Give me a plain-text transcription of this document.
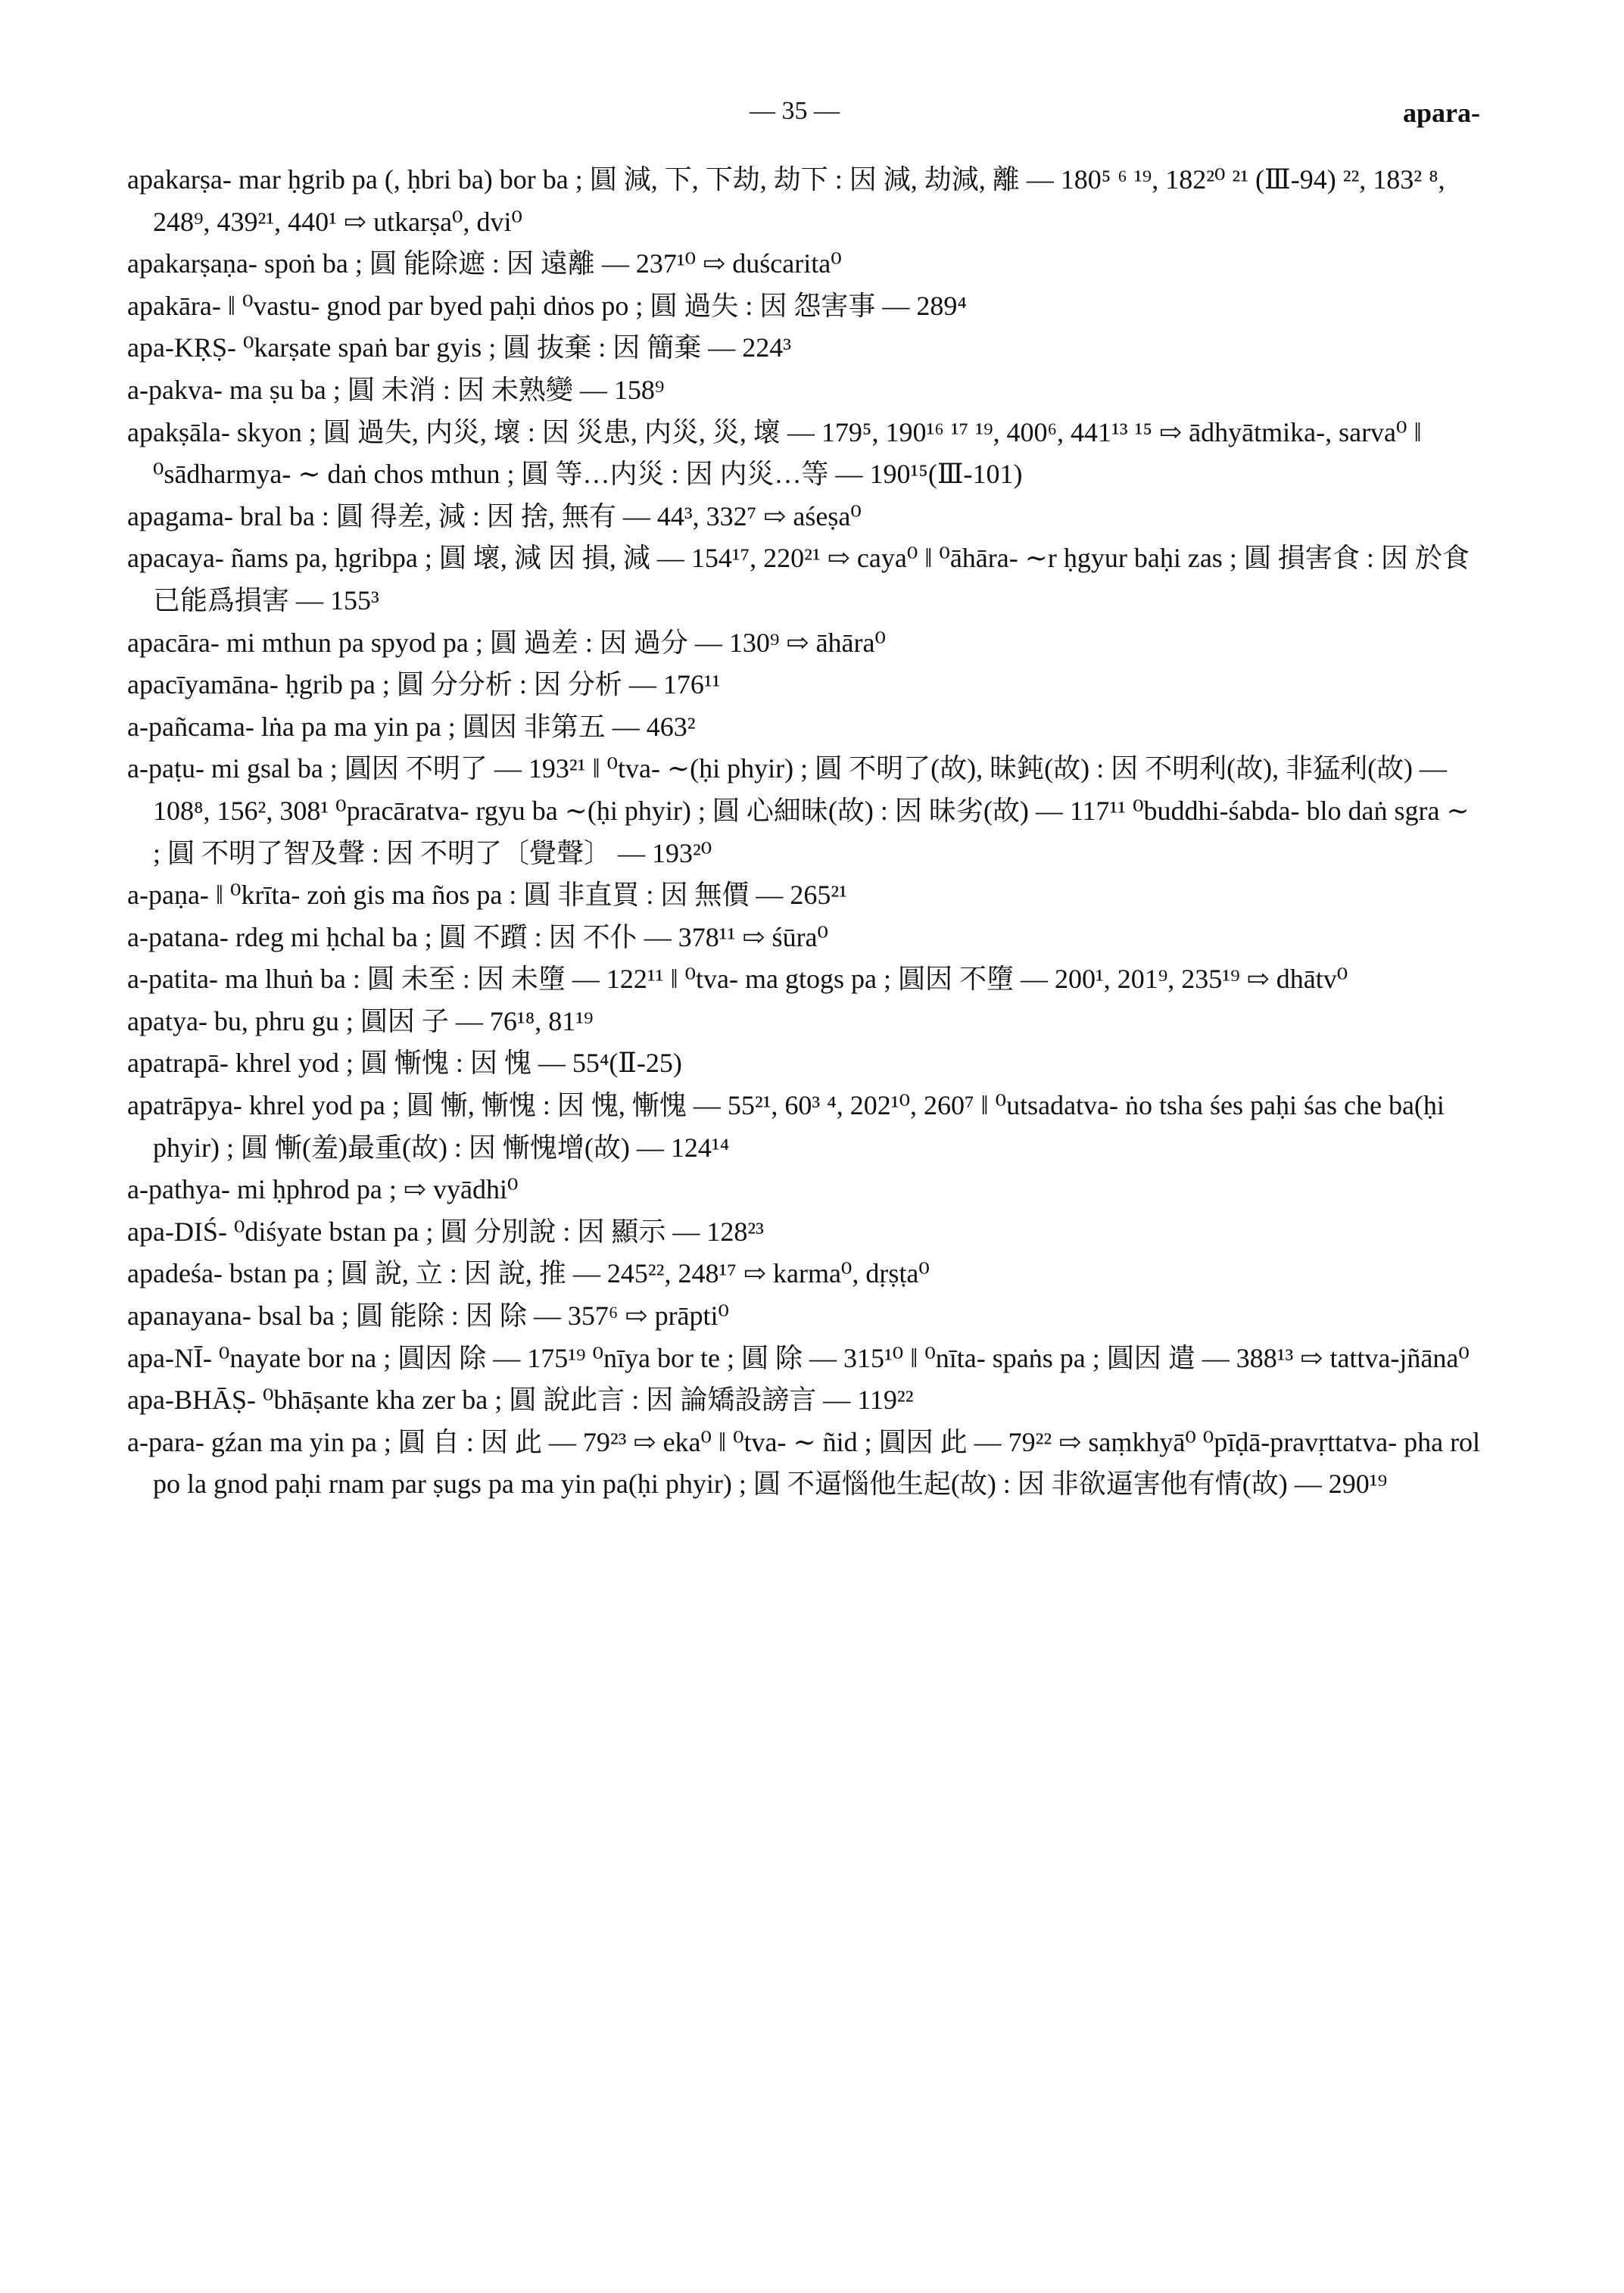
— 35 —	apara-

apakarṣa- mar ḥgrib pa (, ḥbri ba) bor ba ; 圓 減, 下, 下劫, 劫下 : 因 減, 劫減, 離 — 180⁵ ⁶ ¹⁹, 182²⁰ ²¹ (Ⅲ-94) ²², 183² ⁸, 248⁹, 439²¹, 440¹ ⇨ utkarṣa⁰, dvi⁰

apakarṣaṇa- spoṅ ba ; 圓 能除遮 : 因 遠離 — 237¹⁰ ⇨ duścarita⁰

apakāra- ‖ ⁰vastu- gnod par byed paḥi dṅos po ; 圓 過失 : 因 怨害事 — 289⁴

apa-KṚṢ- ⁰karṣate spaṅ bar gyis ; 圓 抜棄 : 因 簡棄 — 224³

a-pakva- ma ṣu ba ; 圓 未消 : 因 未熟變 — 158⁹

apakṣāla- skyon ; 圓 過失, 内災, 壞 : 因 災患, 内災, 災, 壞 — 179⁵, 190¹⁶ ¹⁷ ¹⁹, 400⁶, 441¹³ ¹⁵ ⇨ ādhyātmika-, sarva⁰ ‖ ⁰sādharmya- ∼ daṅ chos mthun ; 圓 等…内災 : 因 内災…等 — 190¹⁵(Ⅲ-101)

apagama- bral ba : 圓 得差, 減 : 因 捨, 無有 — 44³, 332⁷ ⇨ aśeṣa⁰

apacaya- ñams pa, ḥgribpa ; 圓 壞, 減 因 損, 減 — 154¹⁷, 220²¹ ⇨ caya⁰ ‖ ⁰āhāra- ∼r ḥgyur baḥi zas ; 圓 損害食 : 因 於食已能爲損害 — 155³

apacāra- mi mthun pa spyod pa ; 圓 過差 : 因 過分 — 130⁹ ⇨ āhāra⁰

apacīyamāna- ḥgrib pa ; 圓 分分析 : 因 分析 — 176¹¹

a-pañcama- lṅa pa ma yin pa ; 圓因 非第五 — 463²

a-paṭu- mi gsal ba ; 圓因 不明了 — 193²¹ ‖ ⁰tva- ∼(ḥi phyir) ; 圓 不明了(故), 昧鈍(故) : 因 不明利(故), 非猛利(故) — 108⁸, 156², 308¹ ⁰pracāratva- rgyu ba ∼(ḥi phyir) ; 圓 心細昧(故) : 因 昧劣(故) — 117¹¹ ⁰buddhi-śabda- blo daṅ sgra ∼ ; 圓 不明了智及聲 : 因 不明了〔覺聲〕 — 193²⁰

a-paṇa- ‖ ⁰krīta- zoṅ gis ma ños pa : 圓 非直買 : 因 無價 — 265²¹

a-patana- rdeg mi ḥchal ba ; 圓 不躓 : 因 不仆 — 378¹¹ ⇨ śūra⁰

a-patita- ma lhuṅ ba : 圓 未至 : 因 未墮 — 122¹¹ ‖ ⁰tva- ma gtogs pa ; 圓因 不墮 — 200¹, 201⁹, 235¹⁹ ⇨ dhātv⁰

apatya- bu, phru gu ; 圓因 子 — 76¹⁸, 81¹⁹

apatrapā- khrel yod ; 圓 慚愧 : 因 愧 — 55⁴(Ⅱ-25)

apatrāpya- khrel yod pa ; 圓 慚, 慚愧 : 因 愧, 慚愧 — 55²¹, 60³ ⁴, 202¹⁰, 260⁷ ‖ ⁰utsadatva- ṅo tsha śes paḥi śas che ba(ḥi phyir) ; 圓 慚(羞)最重(故) : 因 慚愧增(故) — 124¹⁴

a-pathya- mi ḥphrod pa ; ⇨ vyādhi⁰

apa-DIŚ- ⁰diśyate bstan pa ; 圓 分別說 : 因 顯示 — 128²³

apadeśa- bstan pa ; 圓 說, 立 : 因 說, 推 — 245²², 248¹⁷ ⇨ karma⁰, dṛṣṭa⁰

apanayana- bsal ba ; 圓 能除 : 因 除 — 357⁶ ⇨ prāpti⁰

apa-NĪ- ⁰nayate bor na ; 圓因 除 — 175¹⁹ ⁰nīya bor te ; 圓 除 — 315¹⁰ ‖ ⁰nīta- spaṅs pa ; 圓因 遣 — 388¹³ ⇨ tattva-jñāna⁰

apa-BHĀṢ- ⁰bhāṣante kha zer ba ; 圓 說此言 : 因 論矯設謗言 — 119²²

a-para- gźan ma yin pa ; 圓 自 : 因 此 — 79²³ ⇨ eka⁰ ‖ ⁰tva- ∼ ñid ; 圓因 此 — 79²² ⇨ saṃkhyā⁰ ⁰pīḍā-pravṛttatva- pha rol po la gnod paḥi rnam par ṣugs pa ma yin pa(ḥi phyir) ; 圓 不逼惱他生起(故) : 因 非欲逼害他有情(故) — 290¹⁹
